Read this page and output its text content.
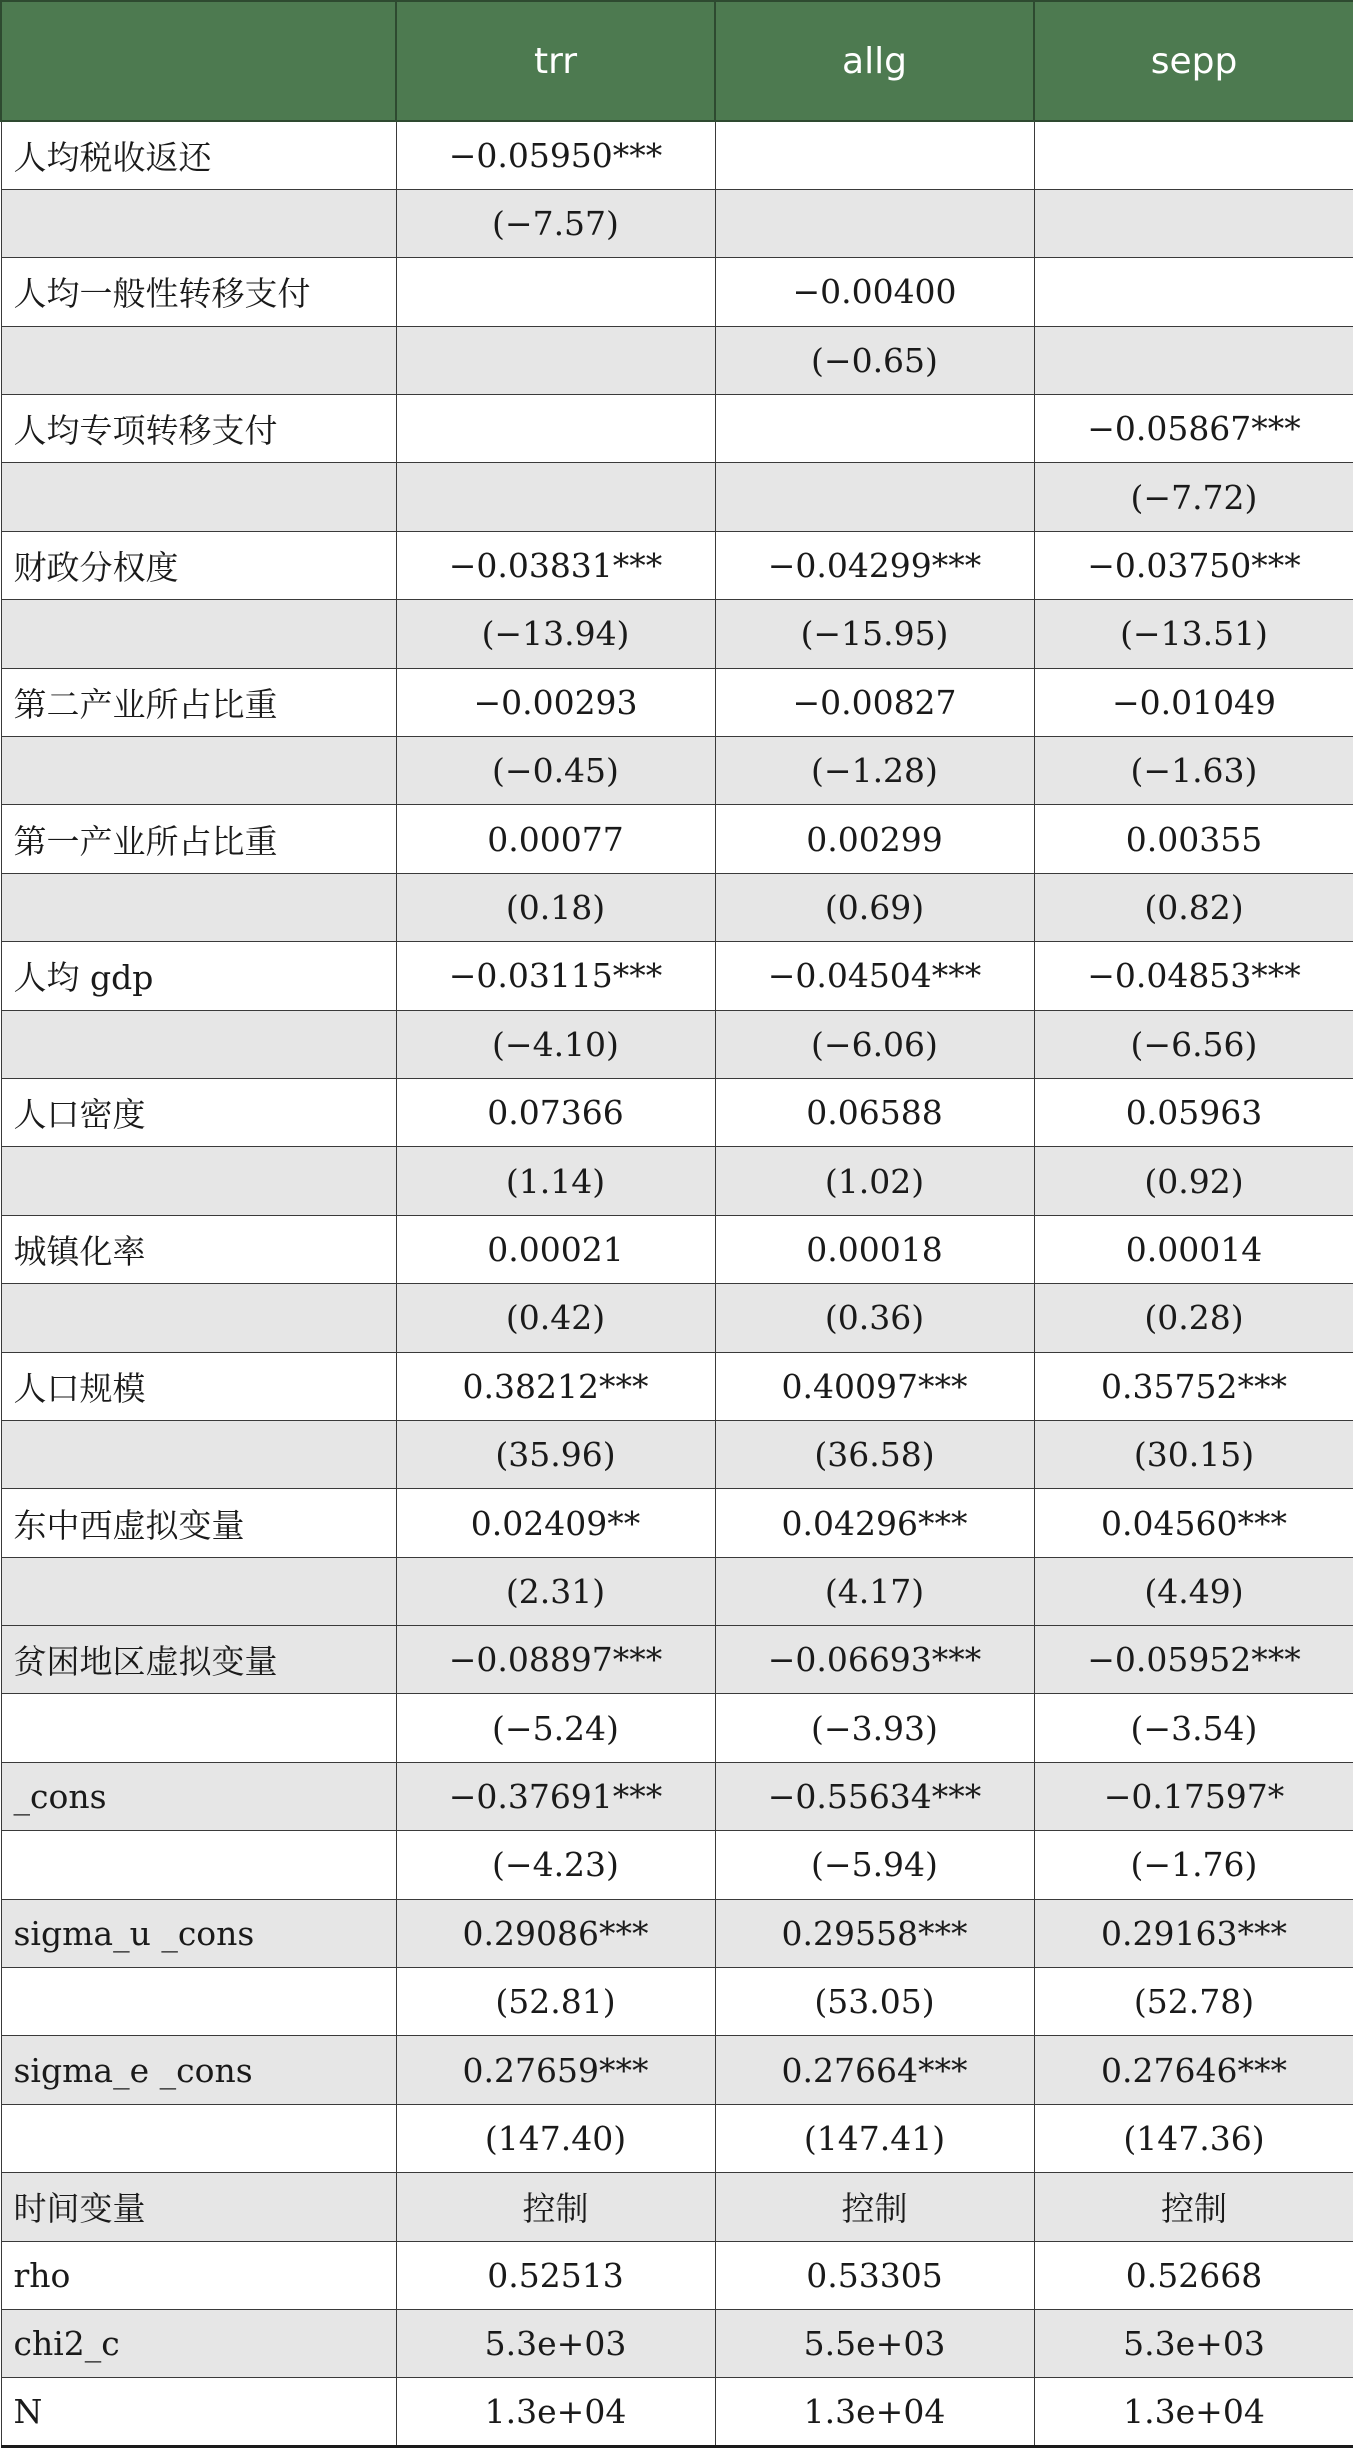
	trr	allg	sepp
人均税收返还	−0.05950***		
	(−7.57)		
人均一般性转移支付		−0.00400	
		(−0.65)	
人均专项转移支付			−0.05867***
			(−7.72)
财政分权度	−0.03831***	−0.04299***	−0.03750***
	(−13.94)	(−15.95)	(−13.51)
第二产业所占比重	−0.00293	−0.00827	−0.01049
	(−0.45)	(−1.28)	(−1.63)
第一产业所占比重	0.00077	0.00299	0.00355
	(0.18)	(0.69)	(0.82)
人均 gdp	−0.03115***	−0.04504***	−0.04853***
	(−4.10)	(−6.06)	(−6.56)
人口密度	0.07366	0.06588	0.05963
	(1.14)	(1.02)	(0.92)
城镇化率	0.00021	0.00018	0.00014
	(0.42)	(0.36)	(0.28)
人口规模	0.38212***	0.40097***	0.35752***
	(35.96)	(36.58)	(30.15)
东中西虚拟变量	0.02409**	0.04296***	0.04560***
	(2.31)	(4.17)	(4.49)
贫困地区虚拟变量	−0.08897***	−0.06693***	−0.05952***
	(−5.24)	(−3.93)	(−3.54)
_cons	−0.37691***	−0.55634***	−0.17597*
	(−4.23)	(−5.94)	(−1.76)
sigma_u _cons	0.29086***	0.29558***	0.29163***
	(52.81)	(53.05)	(52.78)
sigma_e _cons	0.27659***	0.27664***	0.27646***
	(147.40)	(147.41)	(147.36)
时间变量	控制	控制	控制
rho	0.52513	0.53305	0.52668
chi2_c	5.3e+03	5.5e+03	5.3e+03
N	1.3e+04	1.3e+04	1.3e+04
